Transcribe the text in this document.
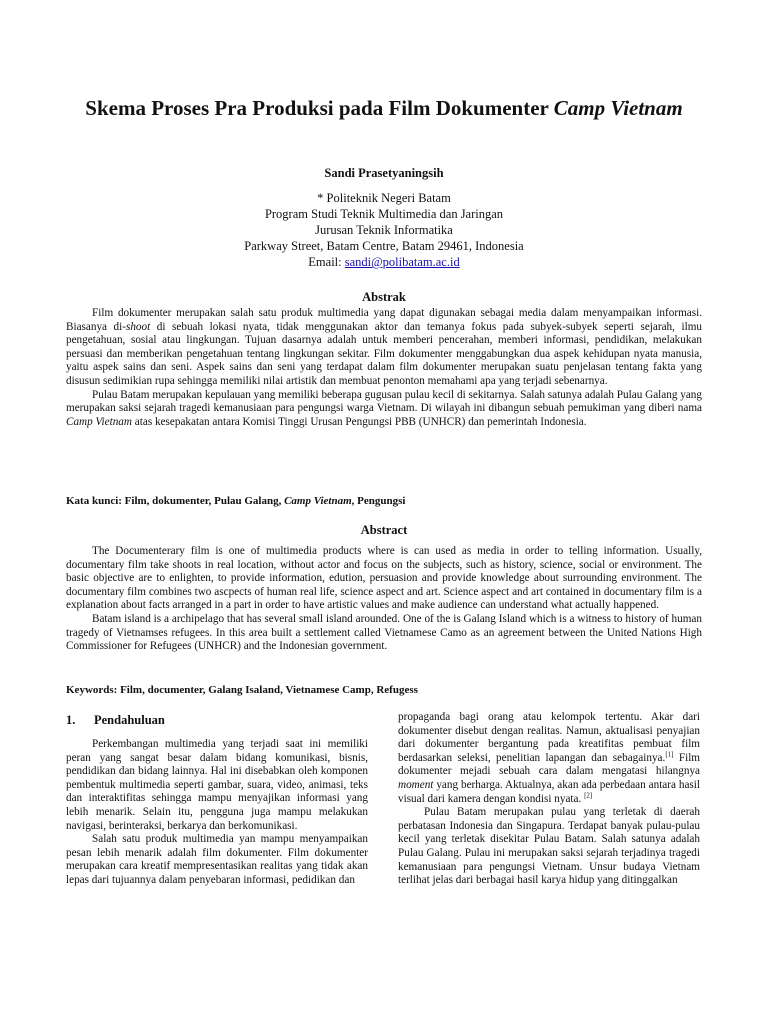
Skema Proses Pra Produksi pada Film Dokumenter Camp Vietnam
Sandi Prasetyaningsih
* Politeknik Negeri Batam
Program Studi Teknik Multimedia dan Jaringan
Jurusan Teknik Informatika
Parkway Street, Batam Centre, Batam 29461, Indonesia
Email: sandi@polibatam.ac.id
Abstrak

Film dokumenter merupakan salah satu produk multimedia yang dapat digunakan sebagai media dalam menyampaikan informasi. Biasanya di-shoot di sebuah lokasi nyata, tidak menggunakan aktor dan temanya fokus pada subyek-subyek seperti sejarah, ilmu pengetahuan, sosial atau lingkungan. Tujuan dasarnya adalah untuk memberi pencerahan, memberi informasi, pendidikan, melakukan persuasi dan memberikan pengetahuan tentang lingkungan sekitar. Film dokumenter menggabungkan dua aspek kehidupan nyata manusia, yaitu aspek sains dan seni. Aspek sains dan seni yang terdapat dalam film dokumenter merupakan suatu penjelasan tentang fakta yang disusun sedimikian rupa sehingga memiliki nilai artistik dan membuat penonton memahami apa yang terjadi sebenarnya.

Pulau Batam merupakan kepulauan yang memiliki beberapa gugusan pulau kecil di sekitarnya. Salah satunya adalah Pulau Galang yang merupakan saksi sejarah tragedi kemanusiaan para pengungsi warga Vietnam. Di wilayah ini dibangun sebuah pemukiman yang diberi nama Camp Vietnam atas kesepakatan antara Komisi Tinggi Urusan Pengungsi PBB (UNHCR) dan pemerintah Indonesia.

Kata kunci: Film, dokumenter, Pulau Galang, Camp Vietnam, Pengungsi
Abstract

The Documenterary film is one of multimedia products where is can used as media in order to telling information. Usually, documentary film take shoots in real location, without actor and focus on the subjects, such as history, science, social or environment. The basic objective are to enlighten, to provide information, edution, persuasion and provide knowledge about surrounding environment. The documentary film combines two ascpects of human real life, science aspect and art. Science aspect and art contained in documentary film is a explanation about facts arranged in a part in order to have artistic values and make audience can understand what actually happened.

Batam island is a archipelago that has several small island arounded. One of the is Galang Island which is a witness to history of human tragedy of Vietnamses refugees. In this area built a settlement called Vietnamese Camo as an agreement between the United Nations High Commissioner for Refugees (UNHCR) and the Indonesian government.

Keywords: Film, documenter, Galang Isaland, Vietnamese Camp, Refugess
1. Pendahuluan

Perkembangan multimedia yang terjadi saat ini memiliki peran yang sangat besar dalam bidang komunikasi, bisnis, pendidikan dan bidang lainnya. Hal ini disebabkan oleh komponen pembentuk multimedia seperti gambar, suara, video, animasi, teks dan interaktifitas sehingga mampu menyajikan informasi yang lebih menarik. Selain itu, pengguna juga mampu melakukan navigasi, berinteraksi, berkarya dan berkomunikasi.

Salah satu produk multimedia yan mampu menyampaikan pesan lebih menarik adalah film dokumenter. Film dokumenter merupakan cara kreatif mempresentasikan realitas yang tidak akan lepas dari tujuannya dalam penyebaran informasi, pedidikan dan

propaganda bagi orang atau kelompok tertentu. Akar dari dokumenter disebut dengan realitas. Namun, aktualisasi penyajian dari dokumenter bergantung pada kreatifitas pembuat film berdasarkan seleksi, penelitian lapangan dan sebagainya.[1] Film dokumenter mejadi sebuah cara dalam mengatasi hilangnya moment yang berharga. Aktualnya, akan ada perbedaan antara hasil visual dari kamera dengan kondisi nyata. [2]

Pulau Batam merupakan pulau yang terletak di daerah perbatasan Indonesia dan Singapura. Terdapat banyak pulau-pulau kecil yang terletak disekitar Pulau Batam. Salah satunya adalah Pulau Galang. Pulau ini merupakan saksi sejarah terjadinya tragedi kemanusiaan para pengungsi Vietnam. Unsur budaya Vietnam terlihat jelas dari berbagai hasil karya hidup yang ditinggalkan
